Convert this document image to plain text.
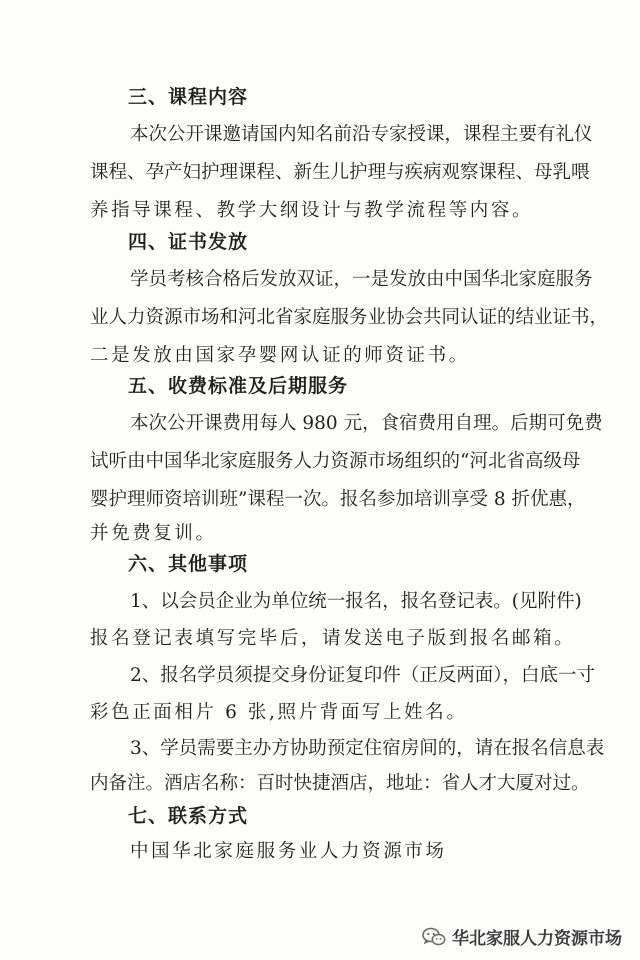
三、课程内容
本次公开课邀请国内知名前沿专家授课，课程主要有礼仪
课程、孕产妇护理课程、新生儿护理与疾病观察课程、母乳喂
养指导课程、教学大纲设计与教学流程等内容。
四、证书发放
学员考核合格后发放双证，一是发放由中国华北家庭服务
业人力资源市场和河北省家庭服务业协会共同认证的结业证书，
二是发放由国家孕婴网认证的师资证书。
五、收费标准及后期服务
本次公开课费用每人 980 元，食宿费用自理。后期可免费
试听由中国华北家庭服务人力资源市场组织的“河北省高级母
婴护理师资培训班”课程一次。报名参加培训享受 8 折优惠，
并免费复训。
六、其他事项
1、以会员企业为单位统一报名，报名登记表。(见附件)
报名登记表填写完毕后，请发送电子版到报名邮箱。
2、报名学员须提交身份证复印件（正反两面），白底一寸
彩色正面相片 6 张,照片背面写上姓名。
3、学员需要主办方协助预定住宿房间的，请在报名信息表
内备注。酒店名称：百时快捷酒店，地址：省人才大厦对过。
七、联系方式
中国华北家庭服务业人力资源市场
华北家服人力资源市场
